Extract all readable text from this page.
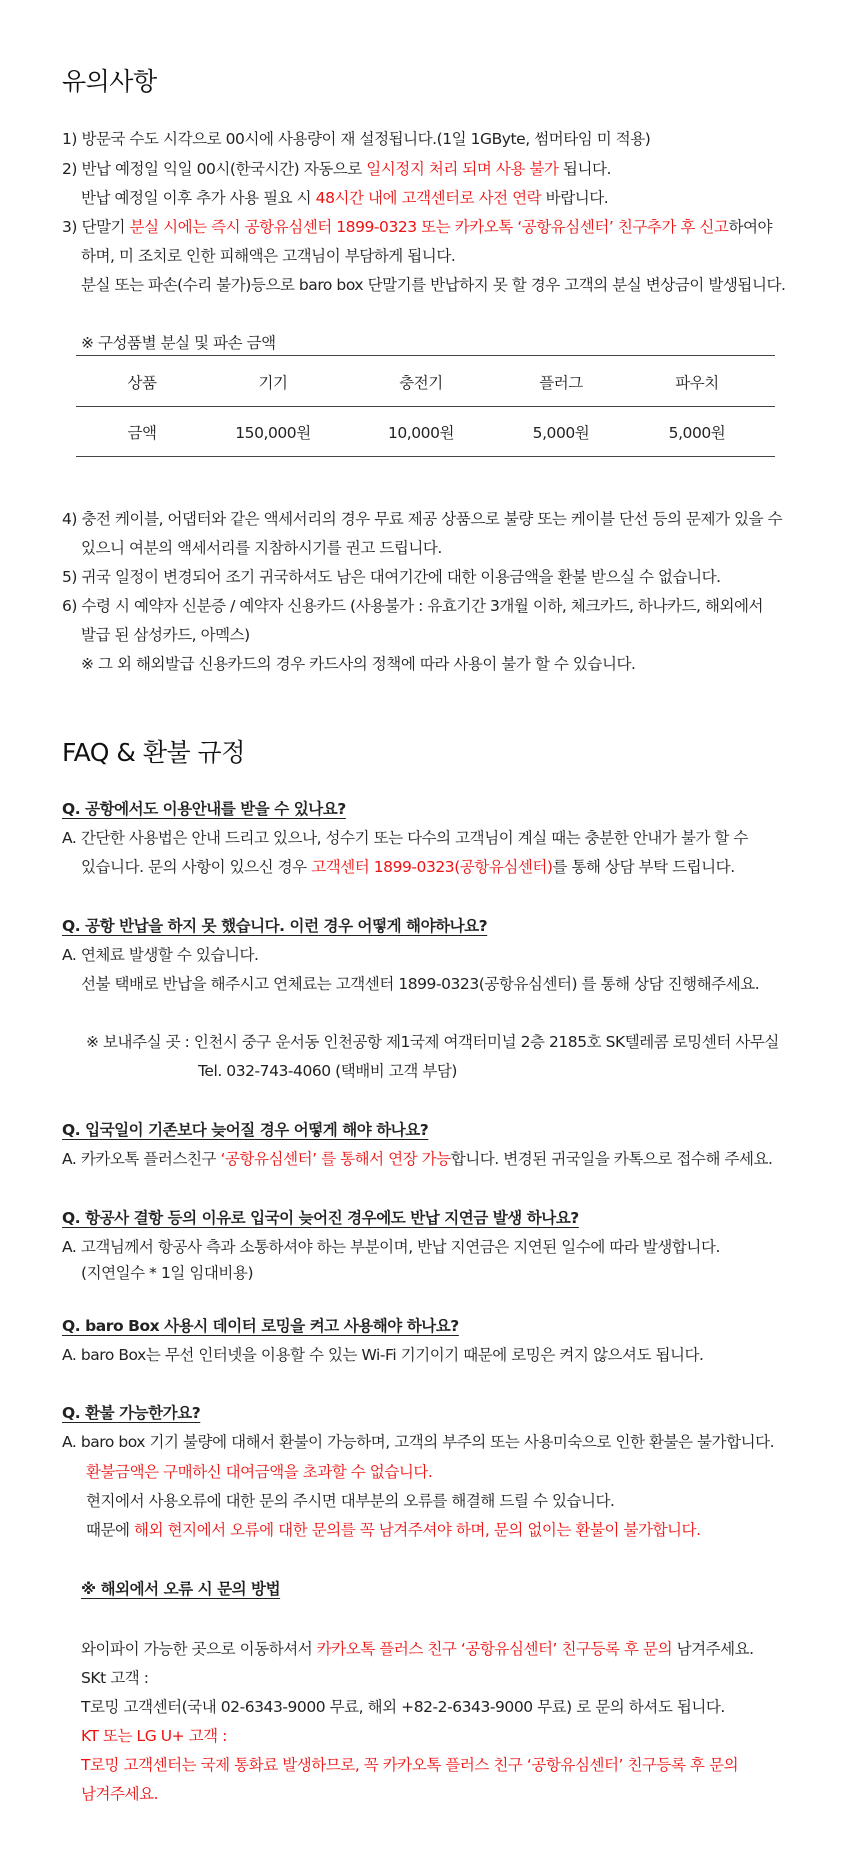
유의사항
1) 방문국 수도 시각으로 00시에 사용량이 재 설정됩니다.(1일 1GByte, 썸머타임 미 적용)
2) 반납 예정일 익일 00시(한국시간) 자동으로 일시정지 처리 되며 사용 불가 됩니다.
반납 예정일 이후 추가 사용 필요 시 48시간 내에 고객센터로 사전 연락 바랍니다.
3) 단말기 분실 시에는 즉시 공항유심센터 1899-0323 또는 카카오톡 ‘공항유심센터’ 친구추가 후 신고하여야
하며, 미 조치로 인한 피해액은 고객님이 부담하게 됩니다.
분실 또는 파손(수리 불가)등으로 baro box 단말기를 반납하지 못 할 경우 고객의 분실 변상금이 발생됩니다.
※ 구성품별 분실 및 파손 금액
상품	기기	충전기	플러그	파우치
금액	150,000원	10,000원	5,000원	5,000원
4) 충전 케이블, 어댑터와 같은 액세서리의 경우 무료 제공 상품으로 불량 또는 케이블 단선 등의 문제가 있을 수
있으니 여분의 액세서리를 지참하시기를 권고 드립니다.
5) 귀국 일정이 변경되어 조기 귀국하셔도 남은 대여기간에 대한 이용금액을 환불 받으실 수 없습니다.
6) 수령 시 예약자 신분증 / 예약자 신용카드 (사용불가 : 유효기간 3개월 이하, 체크카드, 하나카드, 해외에서
발급 된 삼성카드, 아멕스)
※ 그 외 해외발급 신용카드의 경우 카드사의 정책에 따라 사용이 불가 할 수 있습니다.
FAQ & 환불 규정
Q. 공항에서도 이용안내를 받을 수 있나요?
A. 간단한 사용법은 안내 드리고 있으나, 성수기 또는 다수의 고객님이 계실 때는 충분한 안내가 불가 할 수
있습니다. 문의 사항이 있으신 경우 고객센터 1899-0323(공항유심센터)를 통해 상담 부탁 드립니다.
Q. 공항 반납을 하지 못 했습니다. 이런 경우 어떻게 해야하나요?
A. 연체료 발생할 수 있습니다.
선불 택배로 반납을 해주시고 연체료는 고객센터 1899-0323(공항유심센터) 를 통해 상담 진행해주세요.
※ 보내주실 곳 : 인천시 중구 운서동 인천공항 제1국제 여객터미널 2층 2185호 SK텔레콤 로밍센터 사무실
Tel. 032-743-4060 (택배비 고객 부담)
Q. 입국일이 기존보다 늦어질 경우 어떻게 해야 하나요?
A. 카카오톡 플러스친구 ‘공항유심센터’ 를 통해서 연장 가능합니다. 변경된 귀국일을 카톡으로 접수해 주세요.
Q. 항공사 결항 등의 이유로 입국이 늦어진 경우에도 반납 지연금 발생 하나요?
A. 고객님께서 항공사 측과 소통하셔야 하는 부분이며, 반납 지연금은 지연된 일수에 따라 발생합니다.
(지연일수 * 1일 임대비용)
Q. baro Box 사용시 데이터 로밍을 켜고 사용해야 하나요?
A. baro Box는 무선 인터넷을 이용할 수 있는 Wi-Fi 기기이기 때문에 로밍은 켜지 않으셔도 됩니다.
Q. 환불 가능한가요?
A. baro box 기기 불량에 대해서 환불이 가능하며, 고객의 부주의 또는 사용미숙으로 인한 환불은 불가합니다.
환불금액은 구매하신 대여금액을 초과할 수 없습니다.
현지에서 사용오류에 대한 문의 주시면 대부분의 오류를 해결해 드릴 수 있습니다.
때문에 해외 현지에서 오류에 대한 문의를 꼭 남겨주셔야 하며, 문의 없이는 환불이 불가합니다.
※ 해외에서 오류 시 문의 방법
와이파이 가능한 곳으로 이동하셔서 카카오톡 플러스 친구 ‘공항유심센터’ 친구등록 후 문의 남겨주세요.
SKt 고객 :
T로밍 고객센터(국내 02-6343-9000 무료, 해외 +82-2-6343-9000 무료) 로 문의 하셔도 됩니다.
KT 또는 LG U+ 고객 :
T로밍 고객센터는 국제 통화료 발생하므로, 꼭 카카오톡 플러스 친구 ‘공항유심센터’ 친구등록 후 문의
남겨주세요.
